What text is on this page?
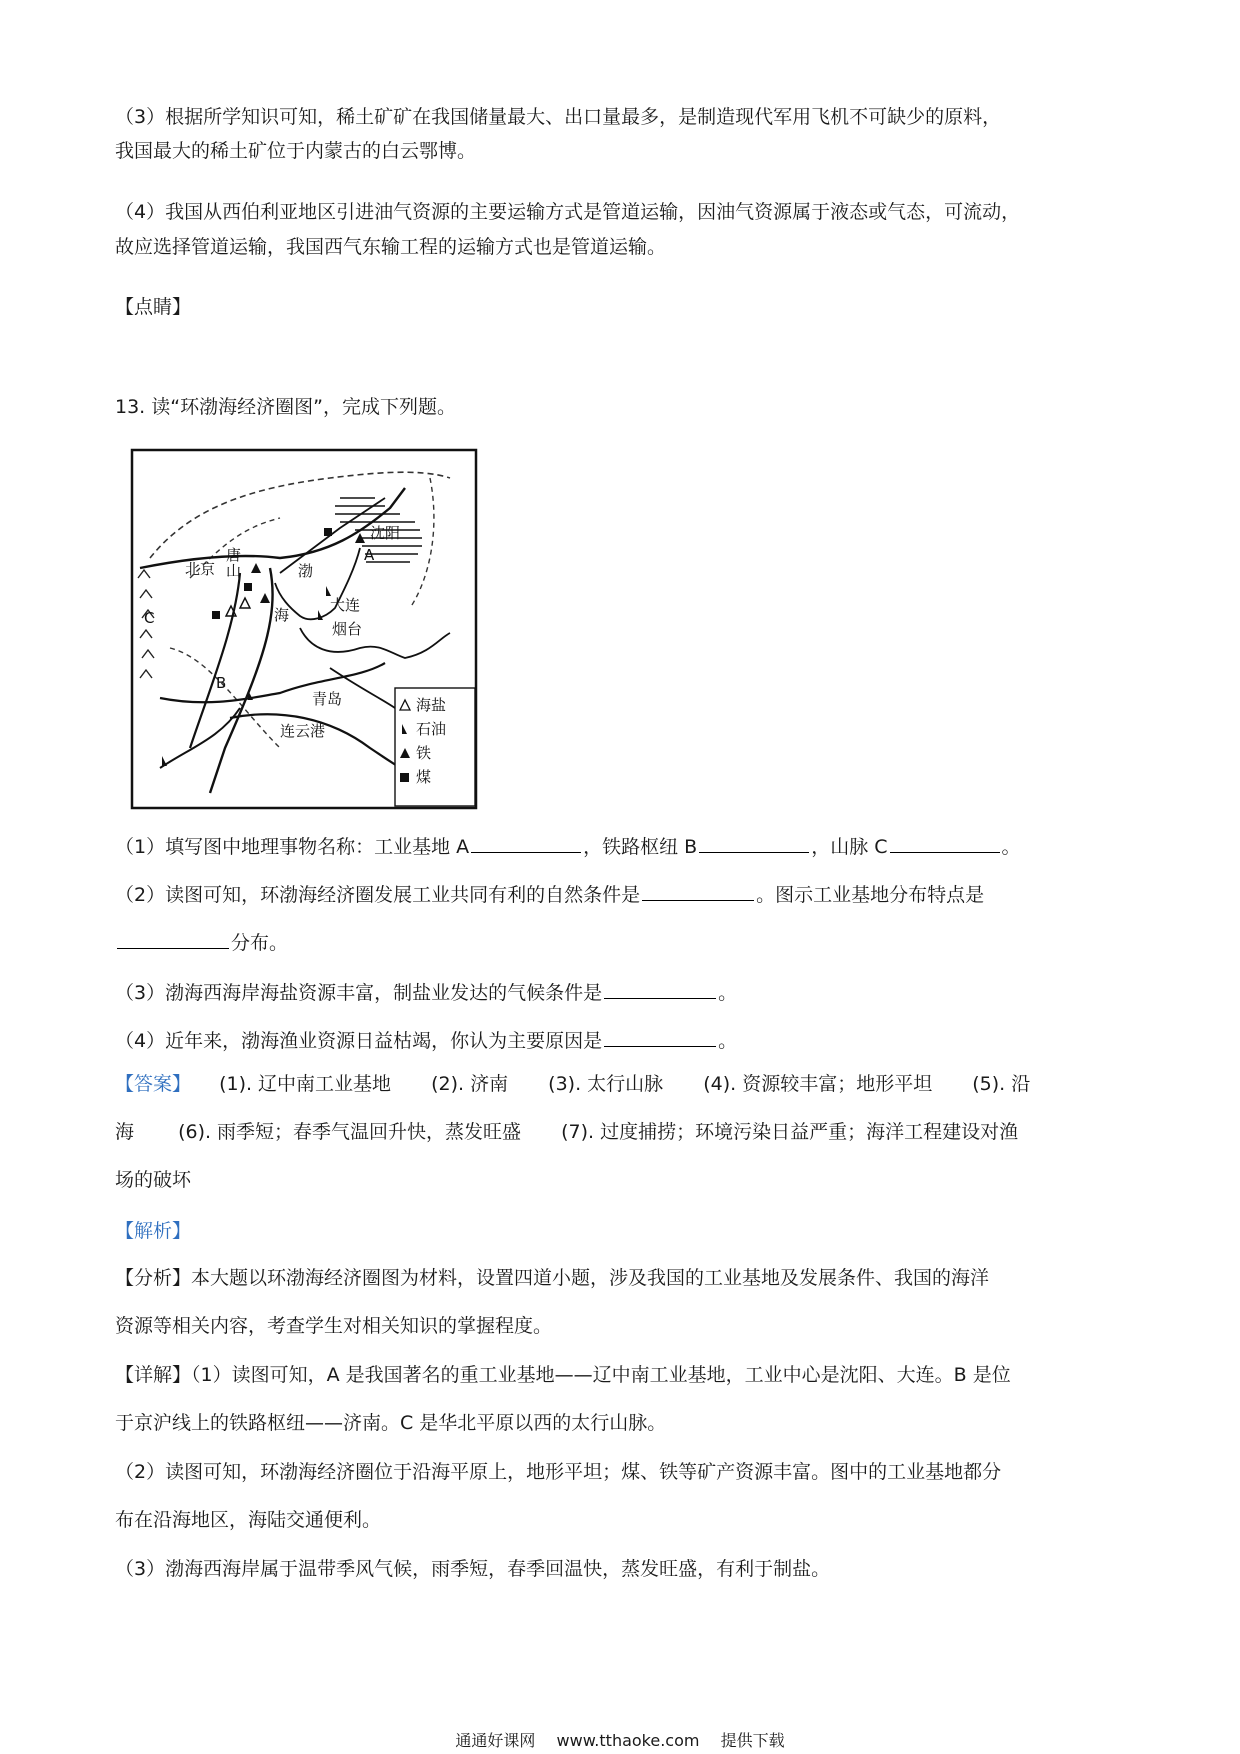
（3）根据所学知识可知，稀土矿矿在我国储量最大、出口量最多，是制造现代军用飞机不可缺少的原料，
我国最大的稀土矿位于内蒙古的白云鄂博。
（4）我国从西伯利亚地区引进油气资源的主要运输方式是管道运输，因油气资源属于液态或气态，可流动，
故应选择管道运输，我国西气东输工程的运输方式也是管道运输。
【点睛】
13. 读“环渤海经济圈图”，完成下列题。
沈阳
北京
唐
山	渤
海
大连
烟台
青岛
连云港
A
B
C
海盐
石油
铁
煤
（1）填写图中地理事物名称：工业基地 A	，铁路枢纽 B	，山脉 C	。
（2）读图可知，环渤海经济圈发展工业共同有利的自然条件是	。图示工业基地分布特点是
分布。
（3）渤海西海岸海盐资源丰富，制盐业发达的气候条件是	。
（4）近年来，渤海渔业资源日益枯竭，你认为主要原因是	。
【答案】 (1). 辽中南工业基地 (2). 济南 (3). 太行山脉 (4). 资源较丰富；地形平坦 (5). 沿
海 (6). 雨季短；春季气温回升快，蒸发旺盛 (7). 过度捕捞；环境污染日益严重；海洋工程建设对渔
场的破坏
【解析】
【分析】本大题以环渤海经济圈图为材料，设置四道小题，涉及我国的工业基地及发展条件、我国的海洋
资源等相关内容，考查学生对相关知识的掌握程度。
【详解】（1）读图可知，A 是我国著名的重工业基地——辽中南工业基地，工业中心是沈阳、大连。B 是位
于京沪线上的铁路枢纽——济南。C 是华北平原以西的太行山脉。
（2）读图可知，环渤海经济圈位于沿海平原上，地形平坦；煤、铁等矿产资源丰富。图中的工业基地都分
布在沿海地区，海陆交通便利。
（3）渤海西海岸属于温带季风气候，雨季短，春季回温快，蒸发旺盛，有利于制盐。
通通好课网 www.tthaoke.com 提供下载
